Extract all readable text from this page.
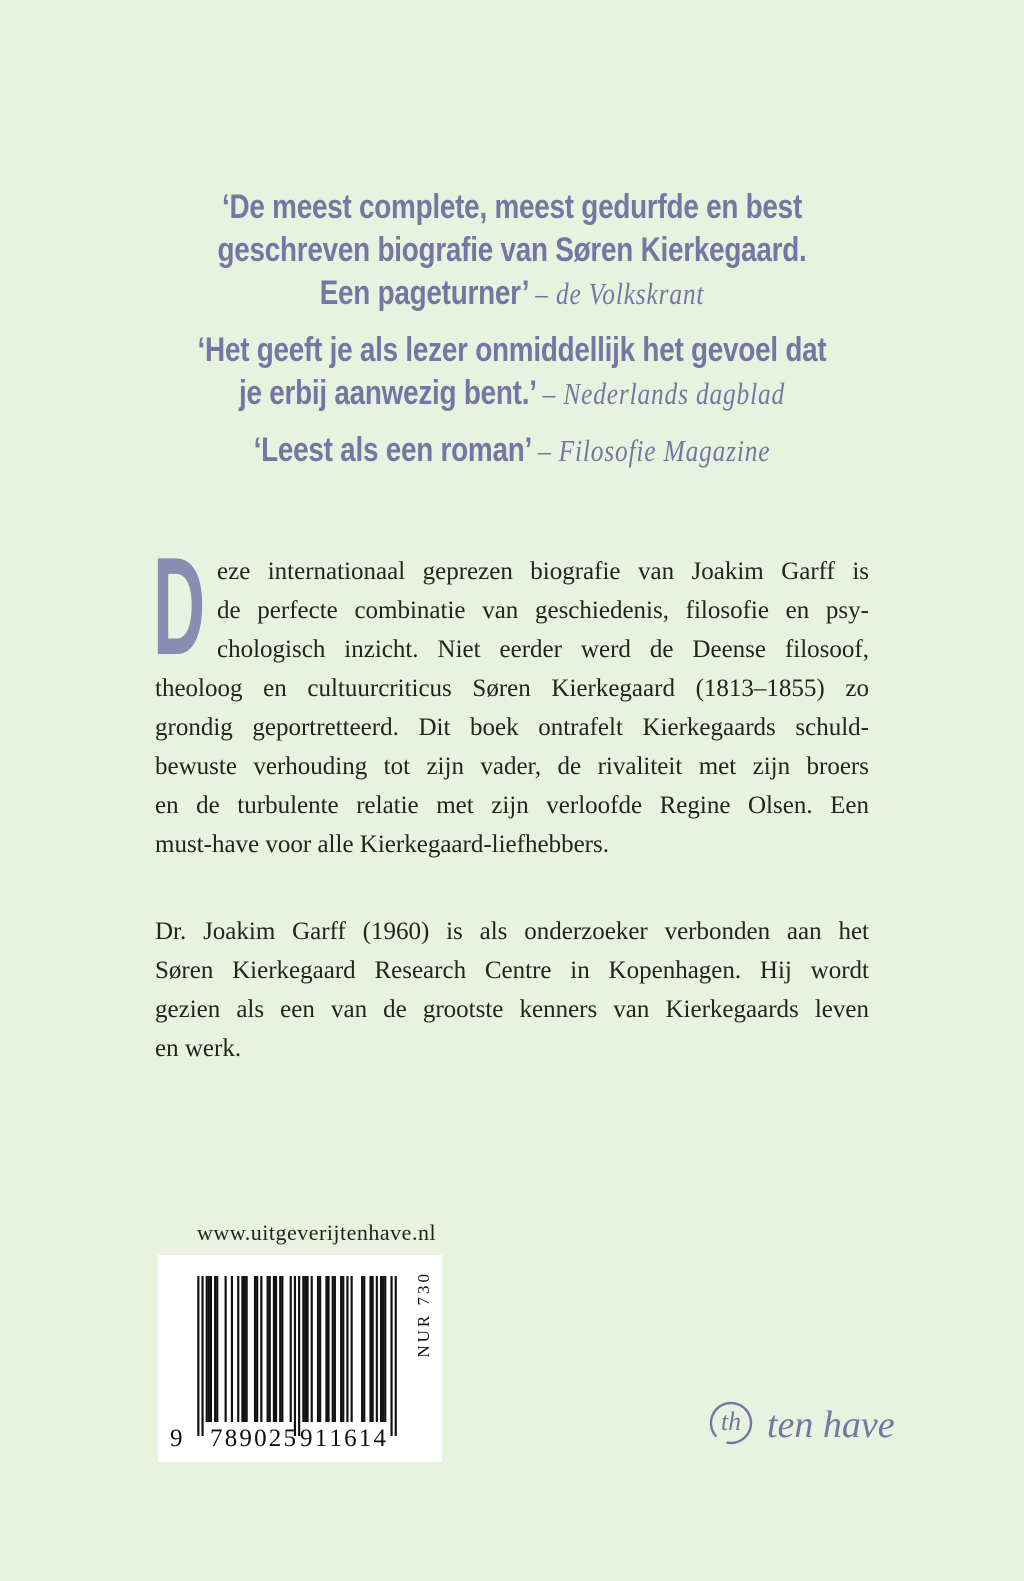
‘De meest complete, meest gedurfde en best
geschreven biografie van Søren Kierkegaard.
Een pageturner’ – de Volkskrant
‘Het geeft je als lezer onmiddellijk het gevoel dat
je erbij aanwezig bent.’ – Nederlands dagblad
‘Leest als een roman’ – Filosofie Magazine
D eze internationaal geprezen biografie van Joakim Garff is
de perfecte combinatie van geschiedenis, filosofie en psy-
chologisch inzicht. Niet eerder werd de Deense filosoof,
theoloog en cultuurcriticus Søren Kierkegaard (1813–1855) zo
grondig geportretteerd. Dit boek ontrafelt Kierkegaards schuld-
bewuste verhouding tot zijn vader, de rivaliteit met zijn broers
en de turbulente relatie met zijn verloofde Regine Olsen. Een
must-have voor alle Kierkegaard-liefhebbers.
Dr. Joakim Garff (1960) is als onderzoeker verbonden aan het
Søren Kierkegaard Research Centre in Kopenhagen. Hij wordt
gezien als een van de grootste kenners van Kierkegaards leven
en werk.
www.uitgeverijtenhave.nl
9 7 8 9 0 2 5 9 1 1 6 1 4
NUR 730
th ten have
